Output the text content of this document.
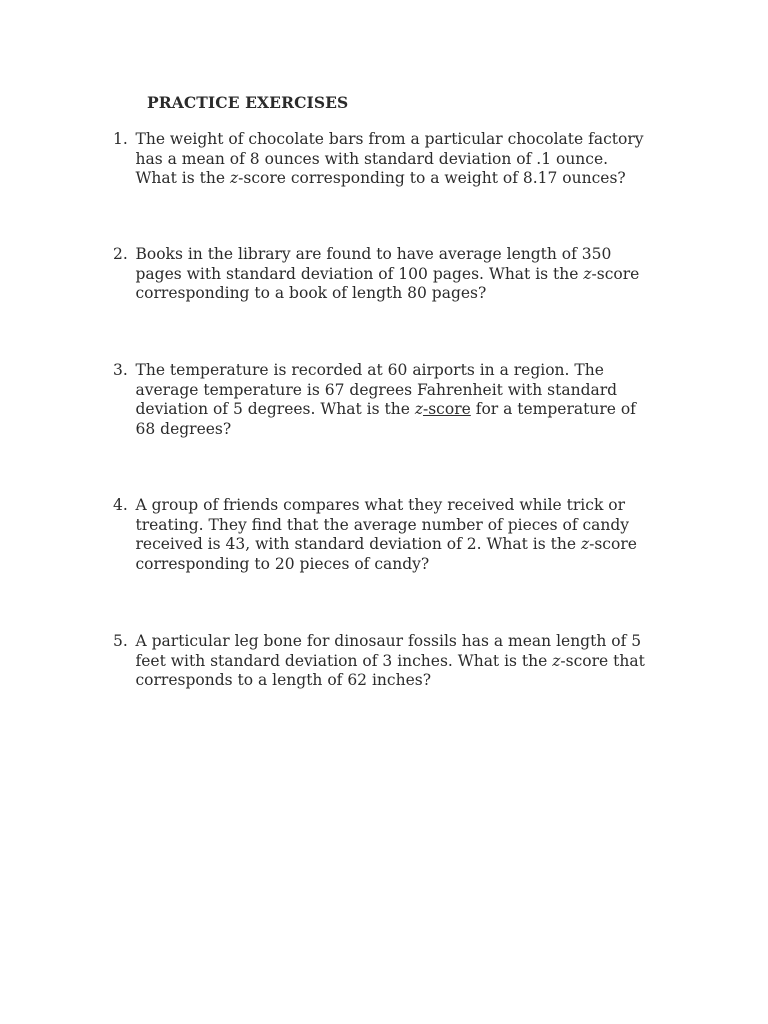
PRACTICE EXERCISES
1. The weight of chocolate bars from a particular chocolate factory
has a mean of 8 ounces with standard deviation of .1 ounce.
What is the z-score corresponding to a weight of 8.17 ounces?
2. Books in the library are found to have average length of 350
pages with standard deviation of 100 pages. What is the z-score
corresponding to a book of length 80 pages?
3. The temperature is recorded at 60 airports in a region. The
average temperature is 67 degrees Fahrenheit with standard
deviation of 5 degrees. What is the z-score for a temperature of
68 degrees?
4. A group of friends compares what they received while trick or
treating. They find that the average number of pieces of candy
received is 43, with standard deviation of 2. What is the z-score
corresponding to 20 pieces of candy?
5. A particular leg bone for dinosaur fossils has a mean length of 5
feet with standard deviation of 3 inches. What is the z-score that
corresponds to a length of 62 inches?
